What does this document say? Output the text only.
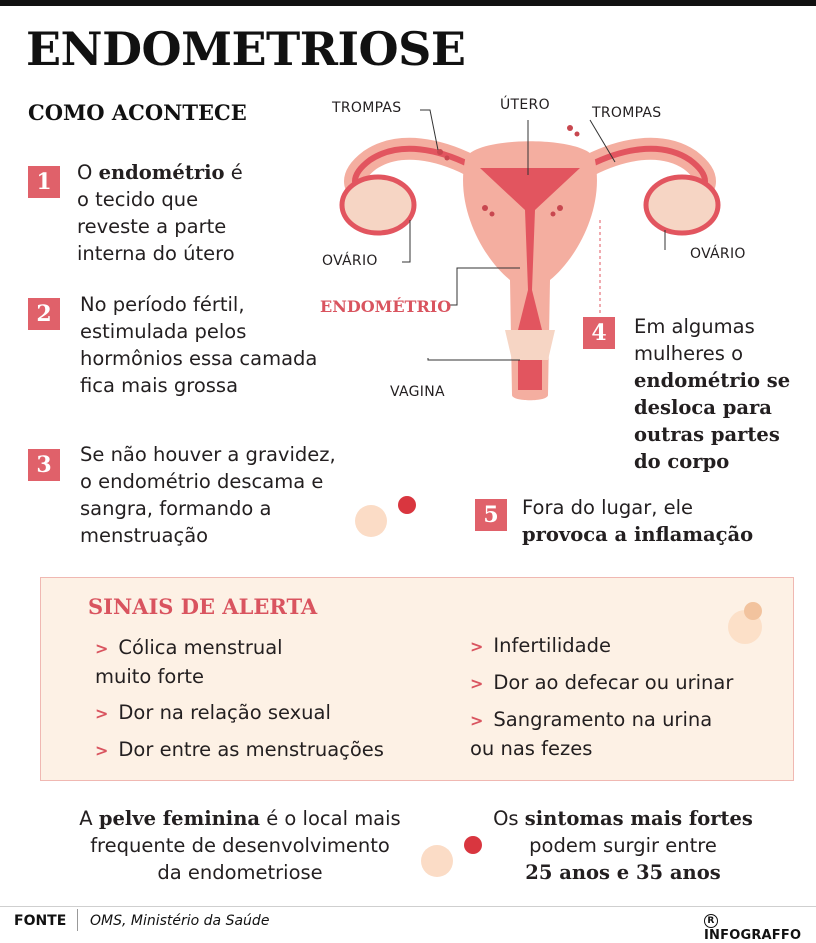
ENDOMETRIOSE
COMO ACONTECE
1	O endométrio é
o tecido que
reveste a parte
interna do útero
2	No período fértil,
estimulada pelos
hormônios essa camada
fica mais grossa
3	Se não houver a gravidez,
o endométrio descama e
sangra, formando a
menstruação
TROMPAS	ÚTERO	TROMPAS
OVÁRIO	OVÁRIO
ENDOMÉTRIO
VAGINA
4	Em algumas
mulheres o
endométrio se
desloca para
outras partes
do corpo
5	Fora do lugar, ele
provoca a inflamação
SINAIS DE ALERTA
> Cólica menstrual
muito forte
> Dor na relação sexual
> Dor entre as menstruações
> Infertilidade
> Dor ao defecar ou urinar
> Sangramento na urina
ou nas fezes
A pelve feminina é o local mais
frequente de desenvolvimento
da endometriose
Os sintomas mais fortes
podem surgir entre
25 anos e 35 anos
FONTE OMS, Ministério da Saúde	RINFOGRAFFO
